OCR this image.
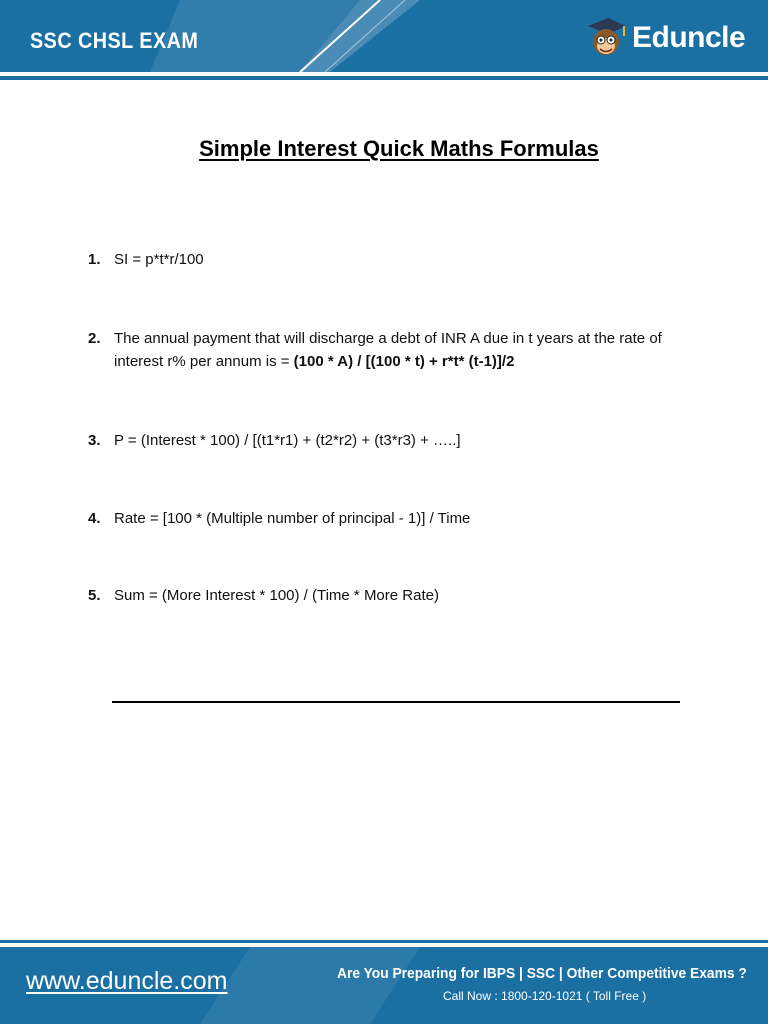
SSC CHSL EXAM	Eduncle
Simple Interest Quick Maths Formulas
1. SI = p*t*r/100
2. The annual payment that will discharge a debt of INR A due in t years at the rate of interest r% per annum is = (100 * A) / [(100 * t) + r*t* (t-1)]/2
3. P = (Interest * 100) / [(t1*r1) + (t2*r2) + (t3*r3) + …..]
4. Rate = [100 * (Multiple number of principal - 1)] / Time
5. Sum = (More Interest * 100) / (Time * More Rate)
www.eduncle.com	Are You Preparing for IBPS | SSC | Other Competitive Exams ?
Call Now : 1800-120-1021 ( Toll Free )
